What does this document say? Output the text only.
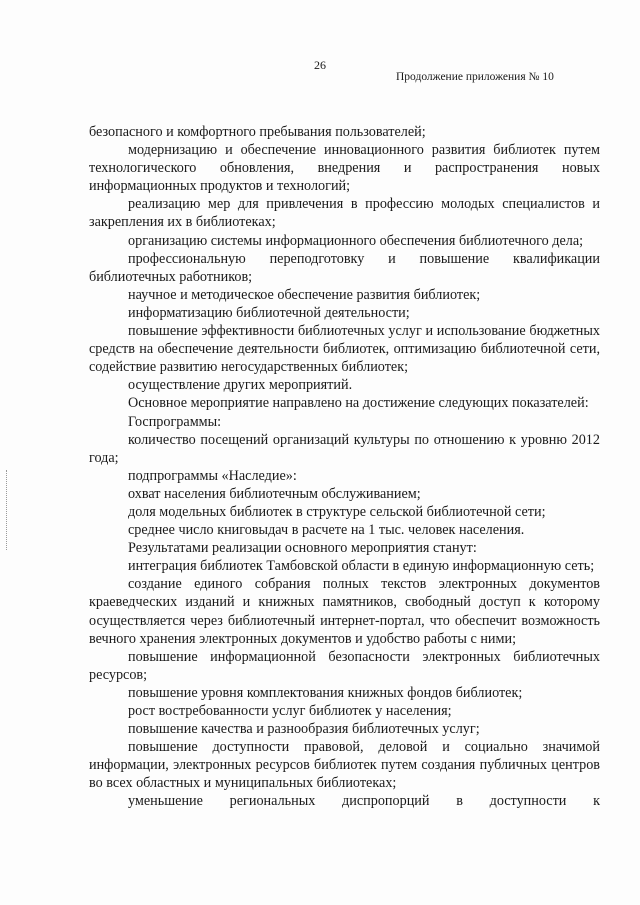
26
Продолжение приложения № 10

безопасного и комфортного пребывания пользователей;

модернизацию и обеспечение инновационного развития библиотек путем технологического обновления, внедрения и распространения новых информационных продуктов и технологий;

реализацию мер для привлечения в профессию молодых специалистов и закрепления их в библиотеках;

организацию системы информационного обеспечения библиотечного дела;

профессиональную переподготовку и повышение квалификации библиотечных работников;

научное и методическое обеспечение развития библиотек;

информатизацию библиотечной деятельности;

повышение эффективности библиотечных услуг и использование бюджетных средств на обеспечение деятельности библиотек, оптимизацию библиотечной сети, содействие развитию негосударственных библиотек;

осуществление других мероприятий.

Основное мероприятие направлено на достижение следующих показателей:

Госпрограммы:

количество посещений организаций культуры по отношению к уровню 2012 года;

подпрограммы «Наследие»:

охват населения библиотечным обслуживанием;

доля модельных библиотек в структуре сельской библиотечной сети;

среднее число книговыдач в расчете на 1 тыс. человек населения.

Результатами реализации основного мероприятия станут:

интеграция библиотек Тамбовской области в единую информационную сеть;

создание единого собрания полных текстов электронных документов краеведческих изданий и книжных памятников, свободный доступ к которому осуществляется через библиотечный интернет-портал, что обеспечит возможность вечного хранения электронных документов и удобство работы с ними;

повышение информационной безопасности электронных библиотечных ресурсов;

повышение уровня комплектования книжных фондов библиотек;

рост востребованности услуг библиотек у населения;

повышение качества и разнообразия библиотечных услуг;

повышение доступности правовой, деловой и социально значимой информации, электронных ресурсов библиотек путем создания публичных центров во всех областных и муниципальных библиотеках;

уменьшение региональных диспропорций в доступности к
